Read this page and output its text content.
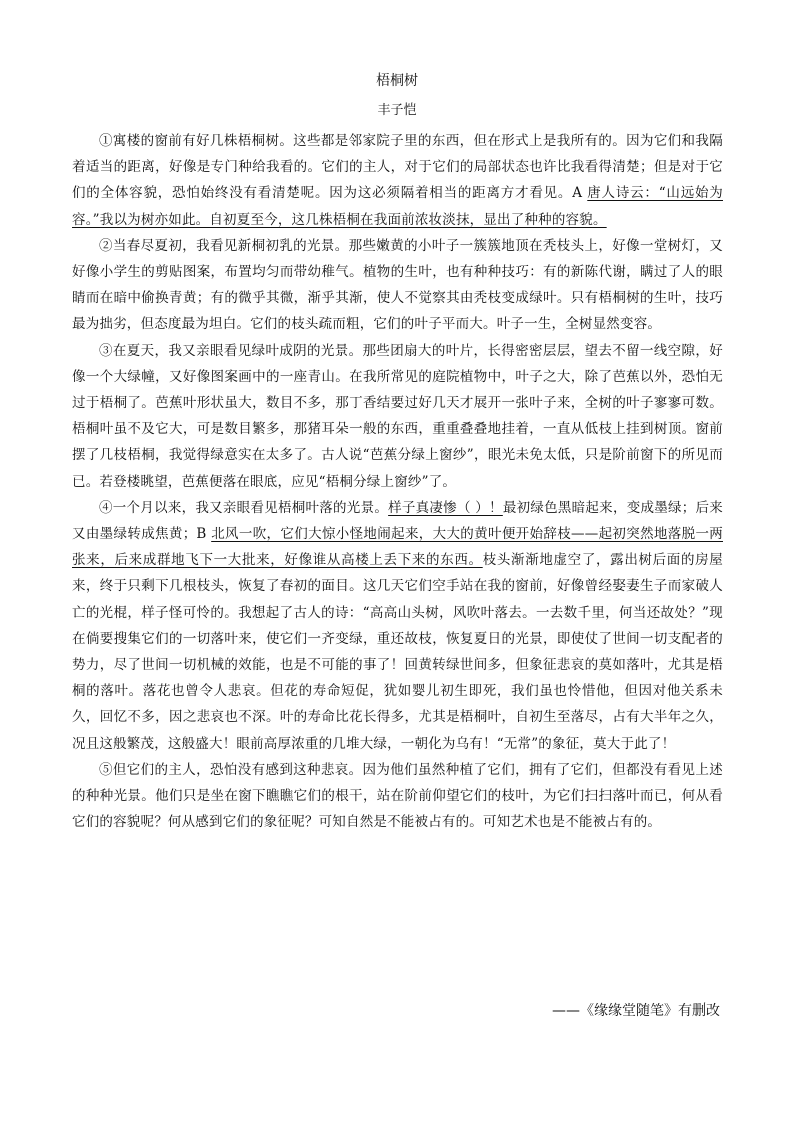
梧桐树
丰子恺

①寓楼的窗前有好几株梧桐树。这些都是邻家院子里的东西，但在形式上是我所有的。因为它们和我隔着适当的距离，好像是专门种给我看的。它们的主人，对于它们的局部状态也许比我看得清楚；但是对于它们的全体容貌，恐怕始终没有看清楚呢。因为这必须隔着相当的距离方才看见。A 唐人诗云：“山远始为容。”我以为树亦如此。自初夏至今，这几株梧桐在我面前浓妆淡抹，显出了种种的容貌。

②当春尽夏初，我看见新桐初乳的光景。那些嫩黄的小叶子一簇簇地顶在秃枝头上，好像一堂树灯，又好像小学生的剪贴图案，布置均匀而带幼稚气。植物的生叶，也有种种技巧：有的新陈代谢，瞒过了人的眼睛而在暗中偷换青黄；有的微乎其微，渐乎其渐，使人不觉察其由秃枝变成绿叶。只有梧桐树的生叶，技巧最为拙劣，但态度最为坦白。它们的枝头疏而粗，它们的叶子平而大。叶子一生，全树显然变容。

③在夏天，我又亲眼看见绿叶成阴的光景。那些团扇大的叶片，长得密密层层，望去不留一线空隙，好像一个大绿幢，又好像图案画中的一座青山。在我所常见的庭院植物中，叶子之大，除了芭蕉以外，恐怕无过于梧桐了。芭蕉叶形状虽大，数目不多，那丁香结要过好几天才展开一张叶子来，全树的叶子寥寥可数。梧桐叶虽不及它大，可是数目繁多，那猪耳朵一般的东西，重重叠叠地挂着，一直从低枝上挂到树顶。窗前摆了几枝梧桐，我觉得绿意实在太多了。古人说“芭蕉分绿上窗纱”，眼光未免太低，只是阶前窗下的所见而已。若登楼眺望，芭蕉便落在眼底，应见“梧桐分绿上窗纱”了。

④一个月以来，我又亲眼看见梧桐叶落的光景。样子真凄惨（ ）！最初绿色黑暗起来，变成墨绿；后来又由墨绿转成焦黄；B 北风一吹，它们大惊小怪地闹起来，大大的黄叶便开始辞枝——起初突然地落脱一两张来，后来成群地飞下一大批来，好像谁从高楼上丢下来的东西。枝头渐渐地虚空了，露出树后面的房屋来，终于只剩下几根枝头，恢复了春初的面目。这几天它们空手站在我的窗前，好像曾经娶妻生子而家破人亡的光棍，样子怪可怜的。我想起了古人的诗：“高高山头树，风吹叶落去。一去数千里，何当还故处？”现在倘要搜集它们的一切落叶来，使它们一齐变绿，重还故枝，恢复夏日的光景，即使仗了世间一切支配者的势力，尽了世间一切机械的效能，也是不可能的事了！回黄转绿世间多，但象征悲哀的莫如落叶，尤其是梧桐的落叶。落花也曾令人悲哀。但花的寿命短促，犹如婴儿初生即死，我们虽也怜惜他，但因对他关系未久，回忆不多，因之悲哀也不深。叶的寿命比花长得多，尤其是梧桐叶，自初生至落尽，占有大半年之久，况且这般繁茂，这般盛大！眼前高厚浓重的几堆大绿，一朝化为乌有！“无常”的象征，莫大于此了！

⑤但它们的主人，恐怕没有感到这种悲哀。因为他们虽然种植了它们，拥有了它们，但都没有看见上述的种种光景。他们只是坐在窗下瞧瞧它们的根干，站在阶前仰望它们的枝叶，为它们扫扫落叶而已，何从看它们的容貌呢？何从感到它们的象征呢？可知自然是不能被占有的。可知艺术也是不能被占有的。

——《缘缘堂随笔》有删改
